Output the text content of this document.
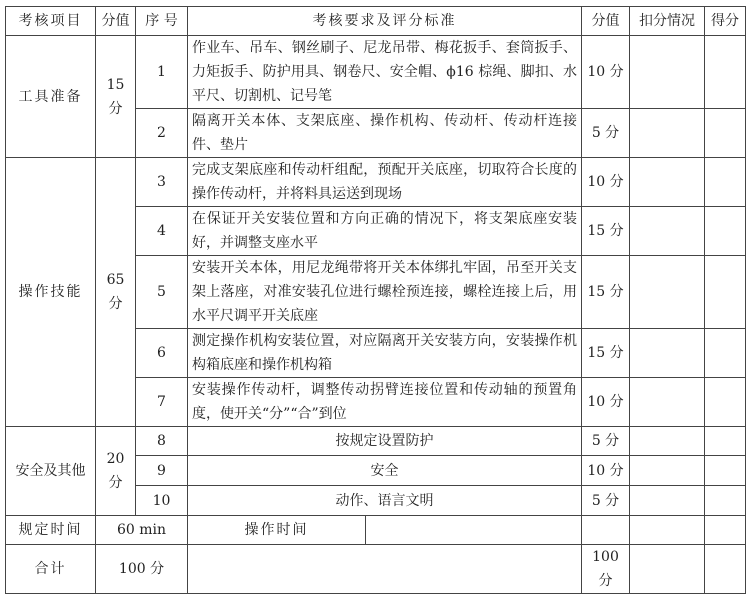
考核项目	分值	序 号	考核要求及评分标准		分值	扣分情况	得分
工具准备	15 分	1	作业车、吊车、钢丝刷子、尼龙吊带、梅花扳手、套筒扳手、力矩扳手、防护用具、钢卷尺、安全帽、ϕ16 棕绳、脚扣、水平尺、切割机、记号笔		10 分		
		2	隔离开关本体、支架底座、操作机构、传动杆、传动杆连接件、垫片		5 分		
操作技能	65 分	3	完成支架底座和传动杆组配，预配开关底座，切取符合长度的操作传动杆，并将料具运送到现场		10 分		
		4	在保证开关安装位置和方向正确的情况下，将支架底座安装好，并调整支座水平		15 分		
		5	安装开关本体，用尼龙绳带将开关本体绑扎牢固，吊至开关支架上落座，对准安装孔位进行螺栓预连接，螺栓连接上后，用水平尺调平开关底座		15 分		
		6	测定操作机构安装位置，对应隔离开关安装方向，安装操作机构箱底座和操作机构箱		15 分		
		7	安装操作传动杆，调整传动拐臂连接位置和传动轴的预置角度，使开关“分”“合”到位		10 分		
安全及其他	20 分	8	按规定设置防护		5 分		
		9	安全		10 分		
		10	动作、语言文明		5 分		
规定时间	60 min		操作时间				
合计	100 分				100 分		
